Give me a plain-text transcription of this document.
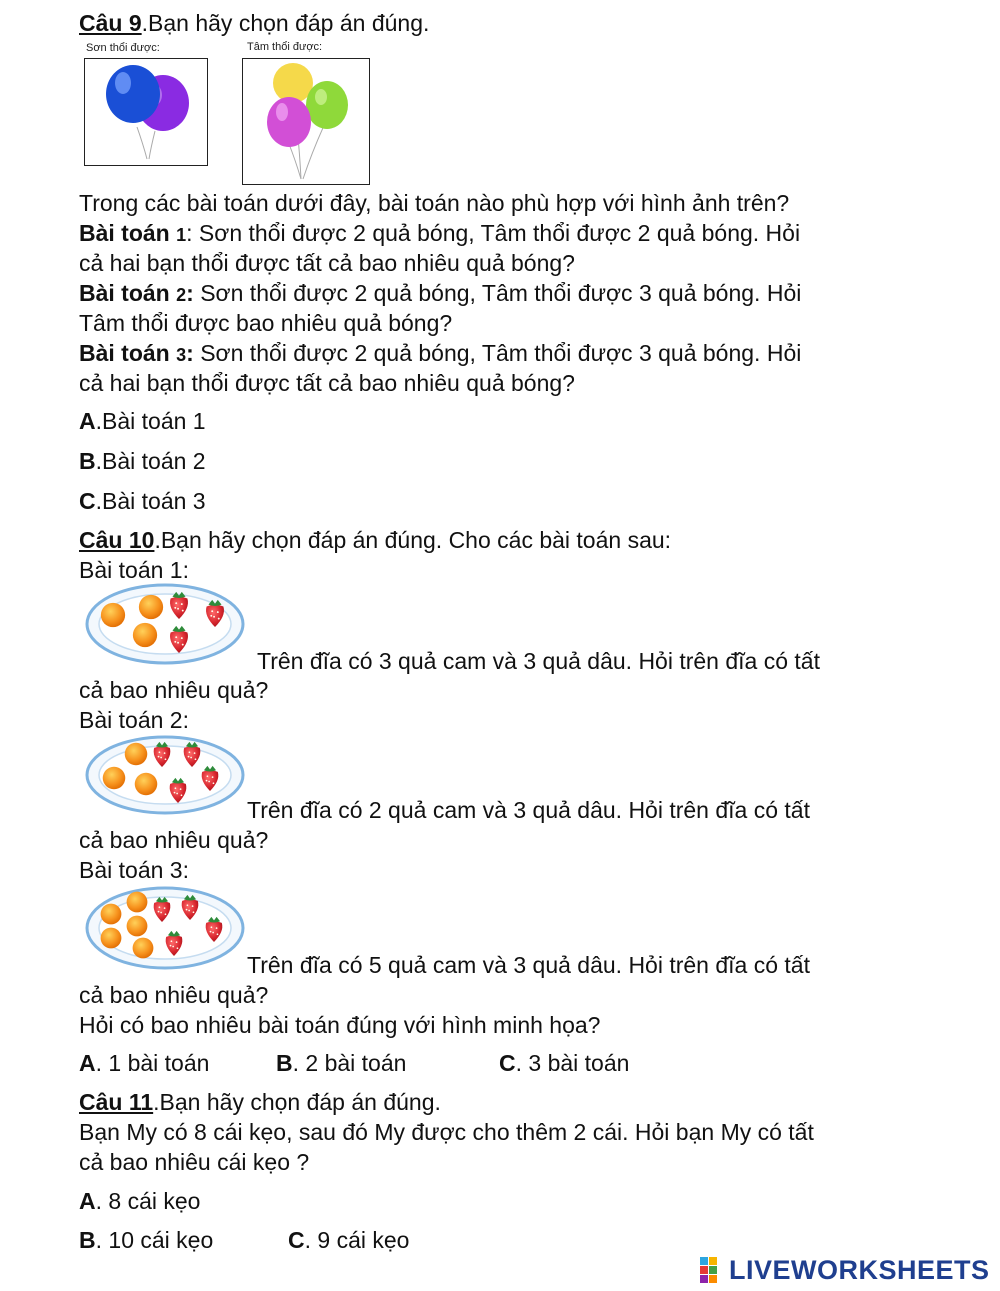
Câu 9.Bạn hãy chọn đáp án đúng.

Sơn thổi được:	Tâm thổi được:

Trong các bài toán dưới đây, bài toán nào phù hợp với hình ảnh trên?

Bài toán 1: Sơn thổi được 2 quả bóng, Tâm thổi được 2 quả bóng. Hỏi

cả hai bạn thổi được tất cả bao nhiêu quả bóng?

Bài toán 2: Sơn thổi được 2 quả bóng, Tâm thổi được 3 quả bóng. Hỏi

Tâm thổi được bao nhiêu quả bóng?

Bài toán 3: Sơn thổi được 2 quả bóng, Tâm thổi được 3 quả bóng. Hỏi

cả hai bạn thổi được tất cả bao nhiêu quả bóng?

A.Bài toán 1

B.Bài toán 2

C.Bài toán 3

Câu 10.Bạn hãy chọn đáp án đúng. Cho các bài toán sau:

Bài toán 1:

Trên đĩa có 3 quả cam và 3 quả dâu. Hỏi trên đĩa có tất

cả bao nhiêu quả?

Bài toán 2:

Trên đĩa có 2 quả cam và 3 quả dâu. Hỏi trên đĩa có tất

cả bao nhiêu quả?

Bài toán 3:

Trên đĩa có 5 quả cam và 3 quả dâu. Hỏi trên đĩa có tất

cả bao nhiêu quả?

Hỏi có bao nhiêu bài toán đúng với hình minh họa?

A. 1 bài toán	B. 2 bài toán	C. 3 bài toán

Câu 11.Bạn hãy chọn đáp án đúng.

Bạn My có 8 cái kẹo, sau đó My được cho thêm 2 cái. Hỏi bạn My có tất

cả bao nhiêu cái kẹo ?

A. 8 cái kẹo
B. 10 cái kẹo	C. 9 cái kẹo
LIVEWORKSHEETS
